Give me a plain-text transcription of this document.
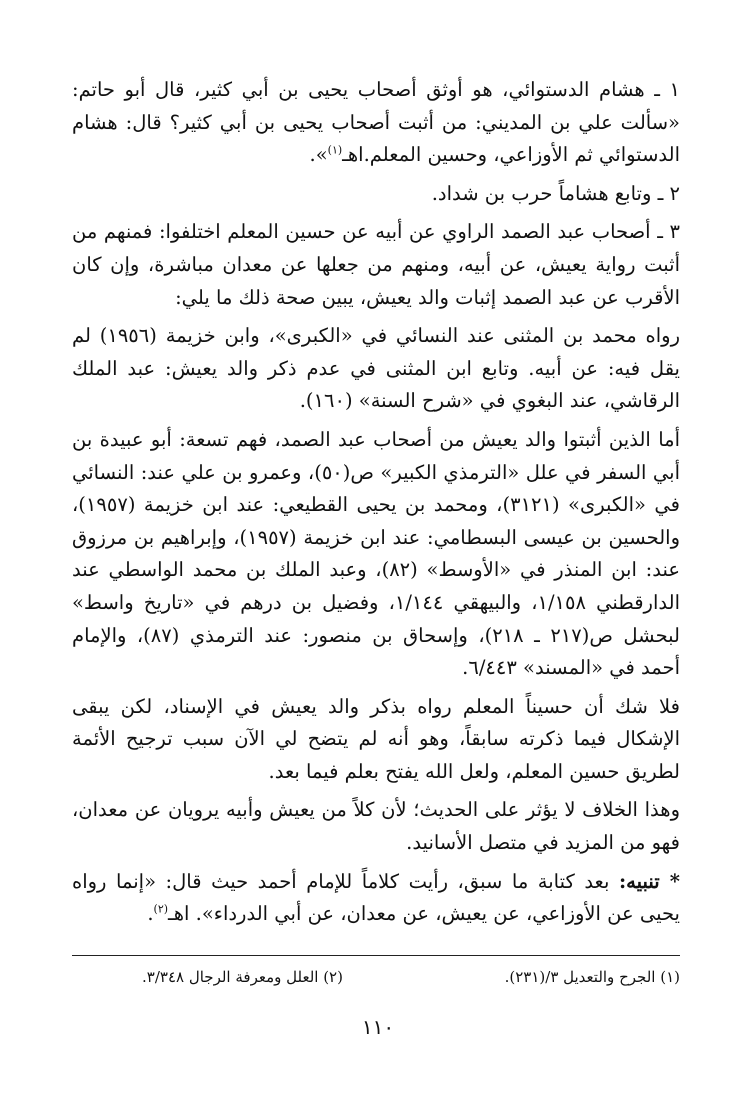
١ ـ هشام الدستوائي، هو أوثق أصحاب يحيى بن أبي كثير، قال أبو حاتم: «سألت علي بن المديني: من أثبت أصحاب يحيى بن أبي كثير؟ قال: هشام الدستوائي ثم الأوزاعي، وحسين المعلم.اهـ$^{(١)}$».

٢ ـ وتابع هشاماً حرب بن شداد.

٣ ـ أصحاب عبد الصمد الراوي عن أبيه عن حسين المعلم اختلفوا: فمنهم من أثبت رواية يعيش، عن أبيه، ومنهم من جعلها عن معدان مباشرة، وإن كان الأقرب عن عبد الصمد إثبات والد يعيش، يبين صحة ذلك ما يلي:

رواه محمد بن المثنى عند النسائي في «الكبرى»، وابن خزيمة (١٩٥٦) لم يقل فيه: عن أبيه. وتابع ابن المثنى في عدم ذكر والد يعيش: عبد الملك الرقاشي، عند البغوي في «شرح السنة» (١٦٠).

أما الذين أثبتوا والد يعيش من أصحاب عبد الصمد، فهم تسعة: أبو عبيدة بن أبي السفر في علل «الترمذي الكبير» ص(٥٠)، وعمرو بن علي عند: النسائي في «الكبرى» (٣١٢١)، ومحمد بن يحيى القطيعي: عند ابن خزيمة (١٩٥٧)، والحسين بن عيسى البسطامي: عند ابن خزيمة (١٩٥٧)، وإبراهيم بن مرزوق عند: ابن المنذر في «الأوسط» (٨٢)، وعبد الملك بن محمد الواسطي عند الدارقطني ١/١٥٨، والبيهقي ١/١٤٤، وفضيل بن درهم في «تاريخ واسط» لبحشل ص(٢١٧ ـ ٢١٨)، وإسحاق بن منصور: عند الترمذي (٨٧)، والإمام أحمد في «المسند» ٦/٤٤٣.

فلا شك أن حسيناً المعلم رواه بذكر والد يعيش في الإسناد، لكن يبقى الإشكال فيما ذكرته سابقاً، وهو أنه لم يتضح لي الآن سبب ترجيح الأئمة لطريق حسين المعلم، ولعل الله يفتح بعلم فيما بعد.

وهذا الخلاف لا يؤثر على الحديث؛ لأن كلاً من يعيش وأبيه يرويان عن معدان، فهو من المزيد في متصل الأسانيد.

* تنبيه: بعد كتابة ما سبق، رأيت كلاماً للإمام أحمد حيث قال: «إنما رواه يحيى عن الأوزاعي، عن يعيش، عن معدان، عن أبي الدرداء». اهـ$^{(٢)}$.

(١) الجرح والتعديل ٣/(٢٣١).
(٢) العلل ومعرفة الرجال ٣/٣٤٨.
١١٠
